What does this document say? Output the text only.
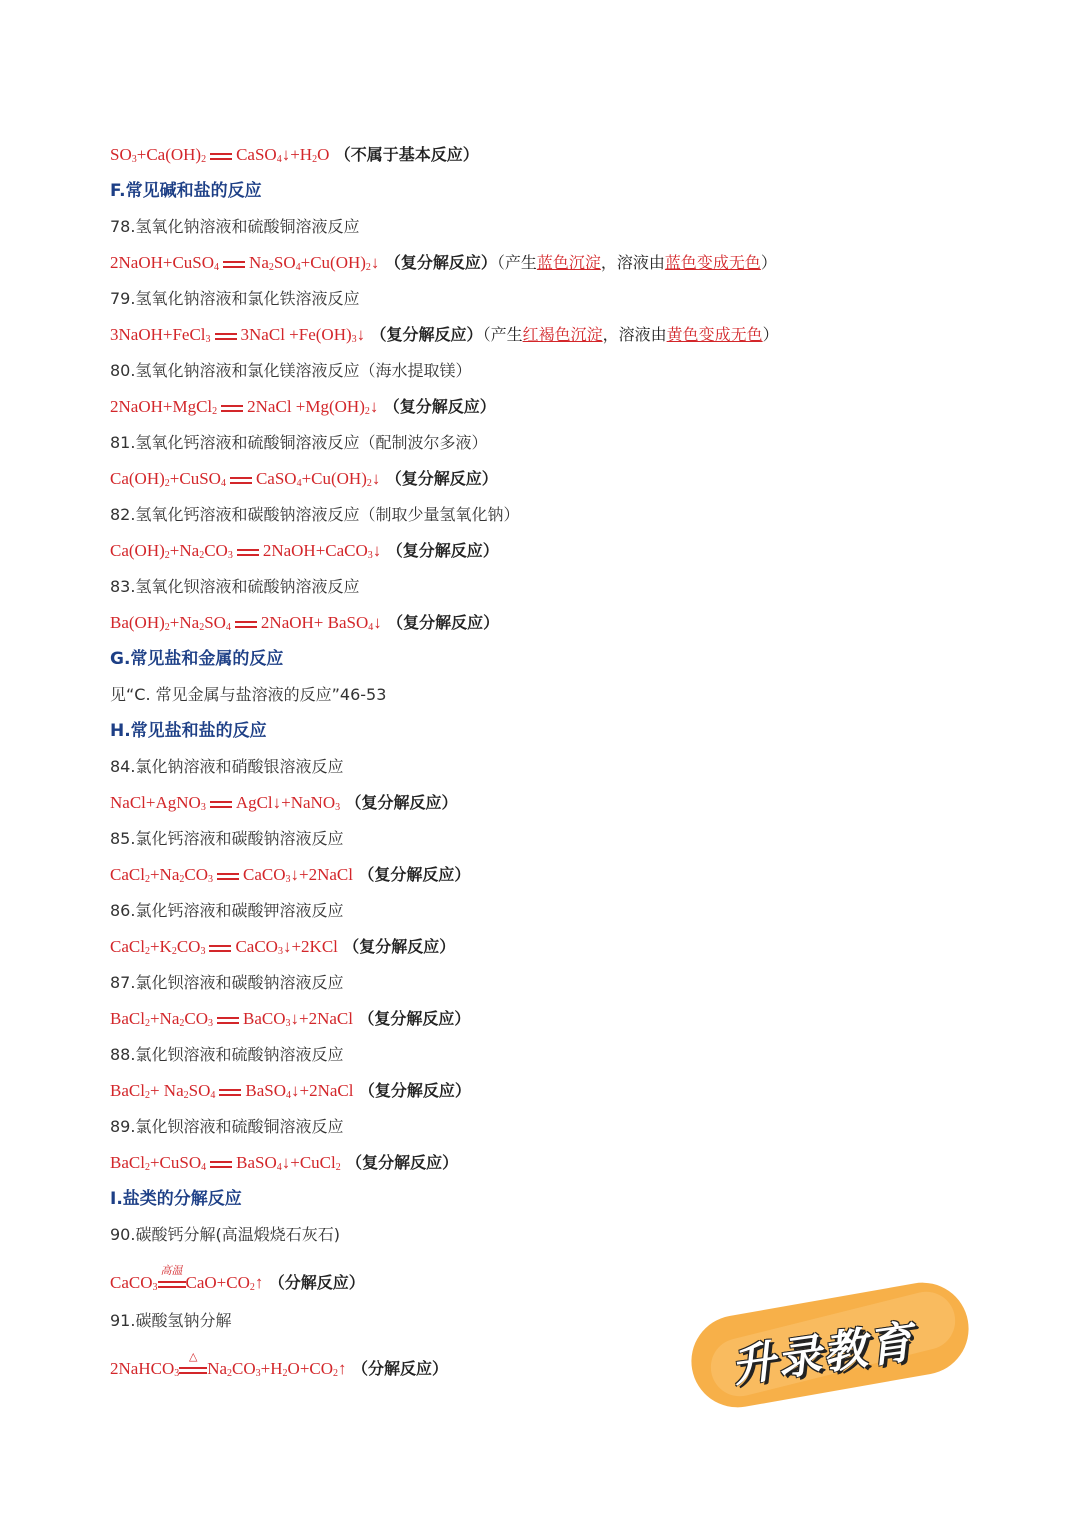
$SO_3+Ca(OH)_2$ $CaSO_4↓+H_2O$ （不属于基本反应）
F.常见碱和盐的反应
78.氢氧化钠溶液和硫酸铜溶液反应
2NaOH+CuSO$_4$ $Na_2SO_4+Cu(OH)_2↓$ （复分解反应）（产生蓝色沉淀，溶液由蓝色变成无色）
79.氢氧化钠溶液和氯化铁溶液反应
3NaOH+FeCl$_3$ 3NaCl $+Fe(OH)_3↓$ （复分解反应）（产生红褐色沉淀，溶液由黄色变成无色）
80.氢氧化钠溶液和氯化镁溶液反应（海水提取镁）
2NaOH+MgCl$_2$ 2NaCl $+Mg(OH)_2↓$ （复分解反应）
81.氢氧化钙溶液和硫酸铜溶液反应（配制波尔多液）
$Ca(OH)_2+CuSO_4$ $CaSO_4+Cu(OH)_2↓$ （复分解反应）
82.氢氧化钙溶液和碳酸钠溶液反应（制取少量氢氧化钠）
$Ca(OH)_2+Na_2CO_3$ 2NaOH+CaCO$_3$↓ （复分解反应）
83.氢氧化钡溶液和硫酸钠溶液反应
$Ba(OH)_2+Na_2SO_4$ 2NaOH+ BaSO$_4$↓ （复分解反应）
G.常见盐和金属的反应
见“C. 常见金属与盐溶液的反应”46-53
H.常见盐和盐的反应
84.氯化钠溶液和硝酸银溶液反应
NaCl+AgNO$_3$ AgCl↓+NaNO$_3$ （复分解反应）
85.氯化钙溶液和碳酸钠溶液反应
$CaCl_2+Na_2CO_3$ CaCO$_3$↓+2NaCl （复分解反应）
86.氯化钙溶液和碳酸钾溶液反应
$CaCl_2+K_2CO_3$ CaCO$_3$↓+2KCl （复分解反应）
87.氯化钡溶液和碳酸钠溶液反应
$BaCl_2+Na_2CO_3$ BaCO$_3$↓+2NaCl （复分解反应）
88.氯化钡溶液和硫酸钠溶液反应
BaCl$_2$+ $Na_2SO_4$ BaSO$_4$↓+2NaCl （复分解反应）
89.氯化钡溶液和硫酸铜溶液反应
BaCl$_2$+CuSO$_4$ BaSO$_4$↓+CuCl$_2$ （复分解反应）
I.盐类的分解反应
90.碳酸钙分解(高温煅烧石灰石)
CaCO$_3$
高温
$CaO+CO_2↑$ （分解反应）
91.碳酸氢钠分解
2NaHCO$_3$
△
$Na_2CO_3+H_2O+CO_2↑$ （分解反应）	升录教育
